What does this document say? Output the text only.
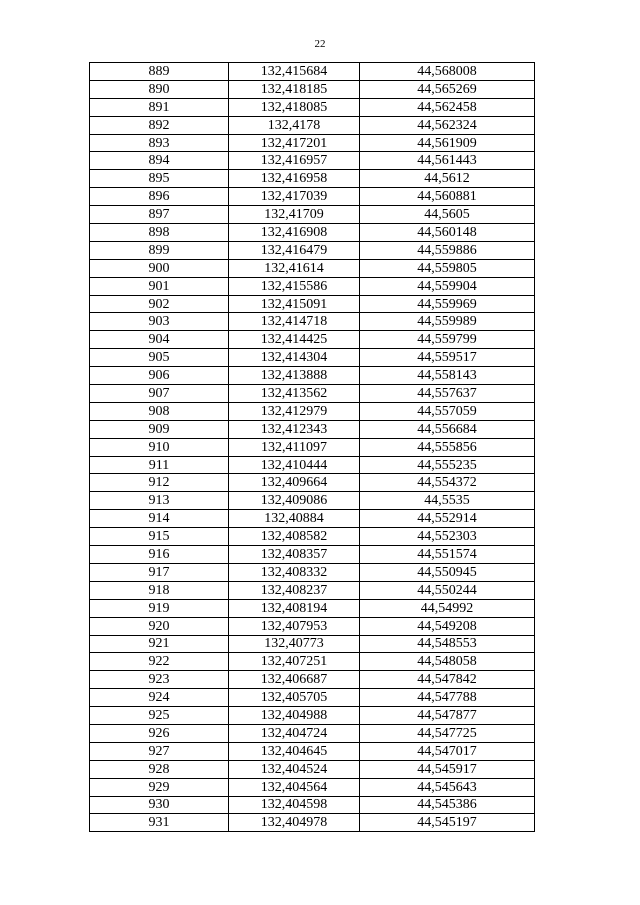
22
889	132,415684	44,568008
890	132,418185	44,565269
891	132,418085	44,562458
892	132,4178	44,562324
893	132,417201	44,561909
894	132,416957	44,561443
895	132,416958	44,5612
896	132,417039	44,560881
897	132,41709	44,5605
898	132,416908	44,560148
899	132,416479	44,559886
900	132,41614	44,559805
901	132,415586	44,559904
902	132,415091	44,559969
903	132,414718	44,559989
904	132,414425	44,559799
905	132,414304	44,559517
906	132,413888	44,558143
907	132,413562	44,557637
908	132,412979	44,557059
909	132,412343	44,556684
910	132,411097	44,555856
911	132,410444	44,555235
912	132,409664	44,554372
913	132,409086	44,5535
914	132,40884	44,552914
915	132,408582	44,552303
916	132,408357	44,551574
917	132,408332	44,550945
918	132,408237	44,550244
919	132,408194	44,54992
920	132,407953	44,549208
921	132,40773	44,548553
922	132,407251	44,548058
923	132,406687	44,547842
924	132,405705	44,547788
925	132,404988	44,547877
926	132,404724	44,547725
927	132,404645	44,547017
928	132,404524	44,545917
929	132,404564	44,545643
930	132,404598	44,545386
931	132,404978	44,545197
